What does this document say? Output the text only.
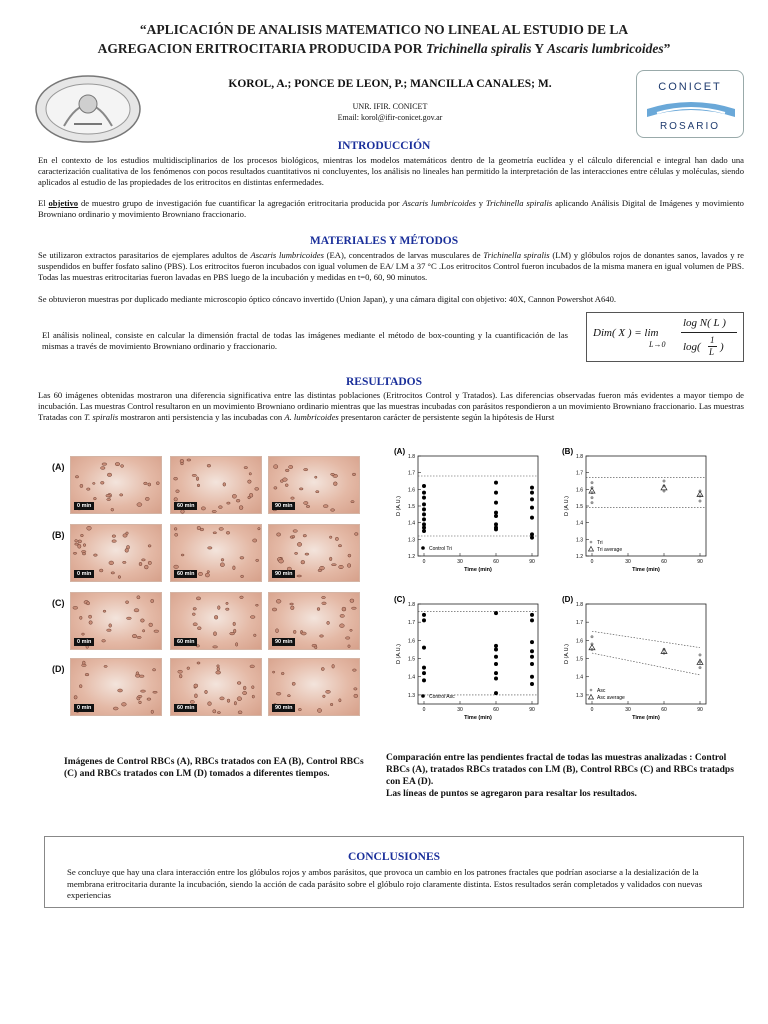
“APLICACIÓN DE ANALISIS MATEMATICO NO LINEAL AL ESTUDIO DE LA
AGREGACION ERITROCITARIA PRODUCIDA POR Trichinella spiralis Y Ascaris lumbricoides”
CONICET
ROSARIO
KOROL, A.; PONCE DE LEON, P.; MANCILLA CANALES; M.
UNR. IFIR. CONICET
Email: korol@ifir-conicet.gov.ar
INTRODUCCIÓN
En el contexto de los estudios multidisciplinarios de los procesos biológicos, mientras los modelos matemáticos dentro de la geometría euclídea y el cálculo diferencial e integral han dado una caracterización cualitativa de los fenómenos con pocos resultados cuantitativos ni concluyentes, los análisis no lineales han permitido la interpretación de las interacciones entre células y moléculas, siendo aplicados al estudio de las propiedades de los eritrocitos en distintas enfermedades.
El objetivo de muestro grupo de investigación fue cuantificar la agregación eritrocitaria producida por Ascaris lumbricoides y Trichinella spiralis aplicando Análisis Digital de Imágenes y movimiento Browniano ordinario y movimiento Browniano fraccionario.
MATERIALES Y MÉTODOS
Se utilizaron extractos parasitarios de ejemplares adultos de Ascaris lumbricoides (EA), concentrados de larvas musculares de Trichinella spiralis (LM) y glóbulos rojos de donantes sanos, lavados y re suspendidos en buffer fosfato salino (PBS). Los eritrocitos fueron incubados con igual volumen de EA/ LM a 37 °C .Los eritrocitos Control fueron incubados de la misma manera en igual volumen de PBS. Todas las muestras eritrocitarias fueron lavadas en PBS luego de la incubación y medidas en t=0, 60, 90 minutos.
Se obtuvieron muestras por duplicado mediante microscopio óptico cóncavo invertido (Union Japan), y una cámara digital con objetivo: 40X, Cannon Powershot A640.
El análisis nolineal, consiste en calcular la dimensión fractal de todas las imágenes mediante el método de box-counting y la cuantificación de las mismas a través de movimiento Browniano ordinario y fraccionario.
Dim( X ) = lim
L→0
log N( L )
log(
1
L )
RESULTADOS
Las 60 imágenes obtenidas mostraron una diferencia significativa entre las distintas poblaciones (Eritrocitos Control y Tratados). Las diferencias observadas fueron más evidentes a mayor tiempo de incubación. Las muestras Control resultaron en un movimiento Browniano ordinario mientras que las muestras incubadas con parásitos respondieron a un movimiento Browniano fraccionario. Las muestras Tratadas con T. spiralis mostraron anti persistencia y las incubadas con A. lumbricoides presentaron carácter de persistente según la hipótesis de Hurst
(A)
0 min	60 min	90 min
(B)
0 min	60 min	90 min
(C)
0 min	60 min	90 min
(D)
0 min	60 min	90 min
(A)
1.2
1.3
1.4
1.5
1.6
1.7
1.8
0	30	60	90
Time (min)
D (A.U.)
Control Tri
(B)
1.2
1.3
1.4
1.5
1.6
1.7
1.8
0	30	60	90
Time (min)
D (A.U.)
Tri
Tri average
(C)
1.3
1.4
1.5
1.6
1.7
1.8
0	30	60	90
Time (min)
D (A.U.)
Control Asc
(D)
1.3
1.4
1.5
1.6
1.7
1.8
0	30	60	90
Time (min)
D (A.U.)
Asc
Asc average
Imágenes de Control RBCs (A), RBCs tratados con EA (B), Control RBCs (C) and RBCs tratados con LM (D) tomados a diferentes tiempos.
Comparación entre las pendientes fractal de todas las muestras analizadas : Control RBCs (A), tratados RBCs tratados con LM (B), Control RBCs (C) and RBCs tratadps con EA (D).
Las líneas de puntos se agregaron para resaltar los resultados.
CONCLUSIONES
Se concluye que hay una clara interacción entre los glóbulos rojos y ambos parásitos, que provoca un cambio en los patrones fractales que podrían asociarse a la desialización de la membrana eritrocitaria durante la incubación, siendo la acción de cada parásito sobre el glóbulo rojo claramente distinta. Estos resultados serán completados y validados con nuevas experiencias
